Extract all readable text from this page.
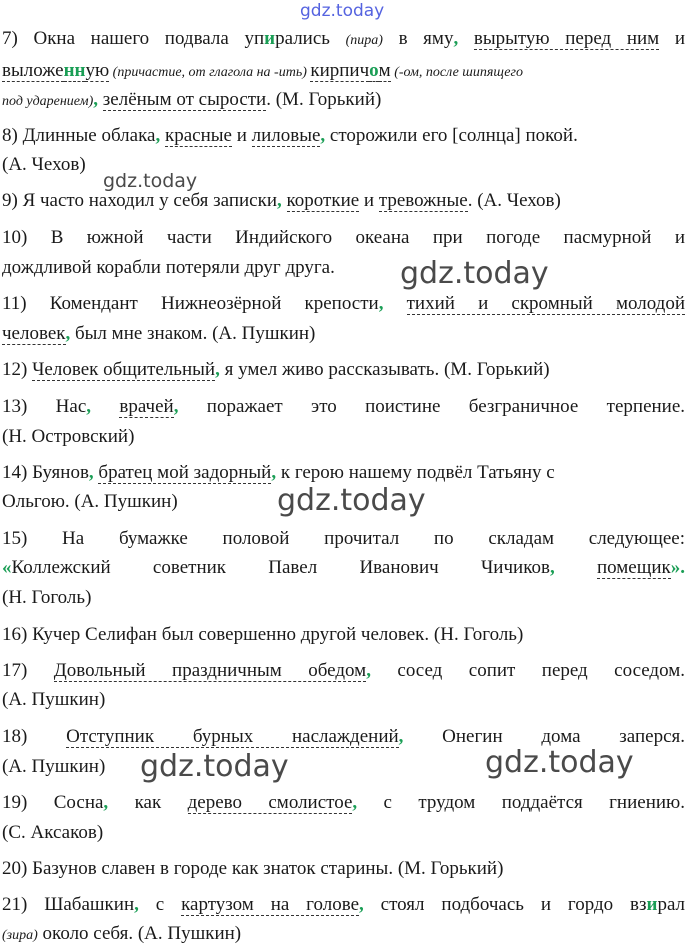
gdz.today
gdz.today
gdz.today
gdz.today
gdz.today	gdz.today
7) Окна нашего подвала упирались (пира) в яму, вырытую перед ним и
выложенную (причастие, от глагола на -ить) кирпичом (-ом, после шипящего
под ударением), зелёным от сырости. (М. Горький)
8) Длинные облака, красные и лиловые, сторожили его [солнца] покой.
(А. Чехов)
9) Я часто находил у себя записки, короткие и тревожные. (А. Чехов)
10) В южной части Индийского океана при погоде пасмурной и
дождливой корабли потеряли друг друга.
11) Комендант Нижнеозёрной крепости, тихий и скромный молодой
человек, был мне знаком. (А. Пушкин)
12) Человек общительный, я умел живо рассказывать. (М. Горький)
13) Нас, врачей, поражает это поистине безграничное терпение.
(Н. Островский)
14) Буянов, братец мой задорный, к герою нашему подвёл Татьяну с
Ольгою. (А. Пушкин)
15) На бумажке половой прочитал по складам следующее:
«Коллежский советник Павел Иванович Чичиков, помещик».
(Н. Гоголь)
16) Кучер Селифан был совершенно другой человек. (Н. Гоголь)
17) Довольный праздничным обедом, сосед сопит перед соседом.
(А. Пушкин)
18) Отступник бурных наслаждений, Онегин дома заперся.
(А. Пушкин)
19) Сосна, как дерево смолистое, с трудом поддаётся гниению.
(С. Аксаков)
20) Базунов славен в городе как знаток старины. (М. Горький)
21) Шабашкин, с картузом на голове, стоял подбочась и гордо взирал
(зира) около себя. (А. Пушкин)
